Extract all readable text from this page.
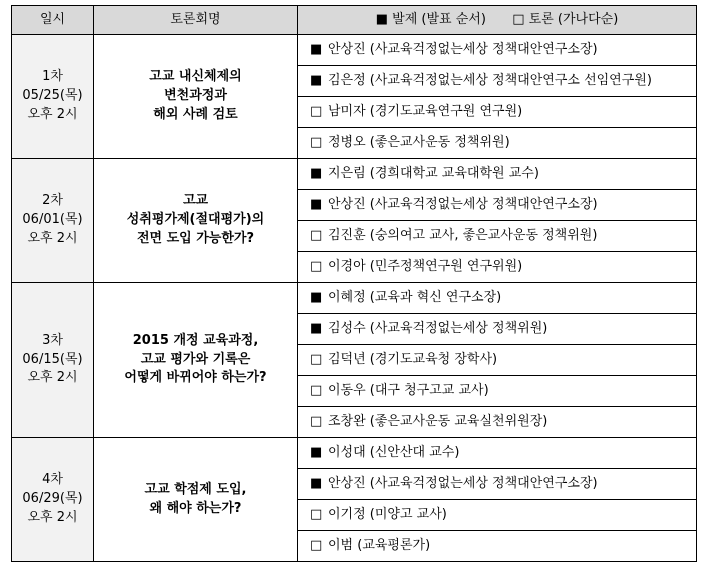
일시	토론회명	■ 발제 (발표 순서) □ 토론 (가나다순)

1차
05/25(목)
오후 2시	고교 내신체제의
변천과정과
해외 사례 검토
	■안상진 (사교육걱정없는세상 정책대안연구소장)
■김은정 (사교육걱정없는세상 정책대안연구소 선임연구원)
□남미자 (경기도교육연구원 연구원)
□정병오 (좋은교사운동 정책위원)

2차
06/01(목)
오후 2시	고교
성취평가제(절대평가)의
전면 도입 가능한가?
	■지은림 (경희대학교 교육대학원 교수)
■안상진 (사교육걱정없는세상 정책대안연구소장)
□김진훈 (숭의여고 교사, 좋은교사운동 정책위원)
□이경아 (민주정책연구원 연구위원)

3차
06/15(목)
오후 2시	2015 개정 교육과정,
고교 평가와 기록은
어떻게 바뀌어야 하는가?
	■이혜정 (교육과 혁신 연구소장)
■김성수 (사교육걱정없는세상 정책위원)
□김덕년 (경기도교육청 장학사)
□이동우 (대구 청구고교 교사)
□조창완 (좋은교사운동 교육실천위원장)

4차
06/29(목)
오후 2시	고교 학점제 도입,
왜 해야 하는가?
	■이성대 (신안산대 교수)
■안상진 (사교육걱정없는세상 정책대안연구소장)
□이기정 (미양고 교사)
□이범 (교육평론가)
